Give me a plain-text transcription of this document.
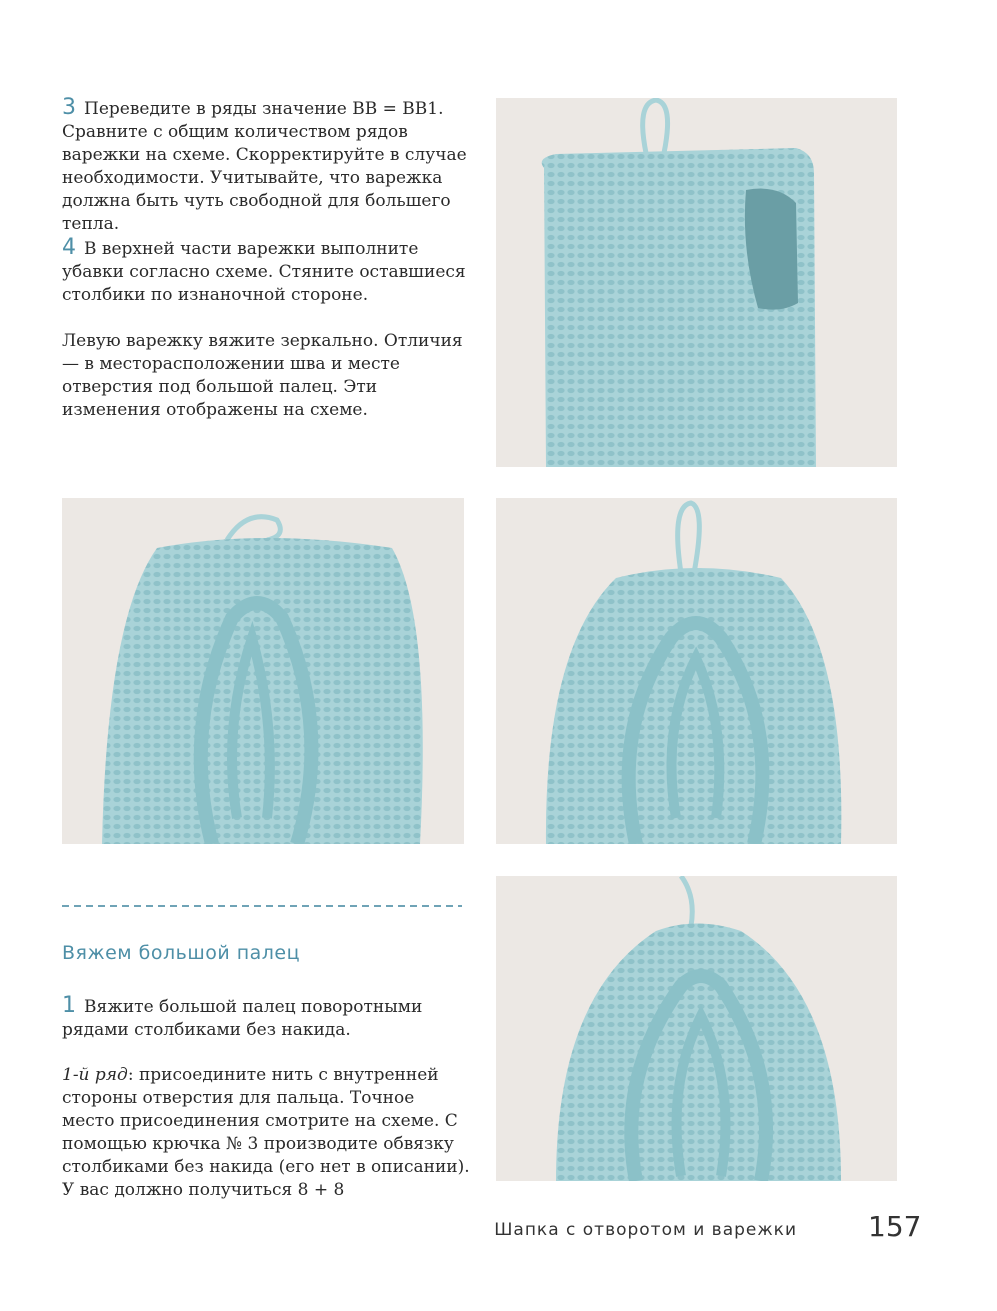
3 Переведите в ряды значение ВВ = ВВ1. Сравните с общим количеством рядов варежки на схеме. Скорректируйте в случае необходимости. Учитывайте, что варежка должна быть чуть свободной для большего тепла.

4 В верхней части варежки выполните убавки согласно схеме. Стяните оставшиеся столбики по изнаночной стороне.

Левую варежку вяжите зеркально. Отличия — в месторасположении шва и месте отверстия под большой палец. Эти изменения отображены на схеме.

Вяжем большой палец

1 Вяжите большой палец поворотными рядами столбиками без накида.

1-й ряд: присоедините нить с внутренней стороны отверстия для пальца. Точное место присоединения смотрите на схеме. С помощью крючка № 3 производите обвязку столбиками без накида (его нет в описании). У вас должно получиться 8 + 8

Шапка с отворотом и варежки	157
